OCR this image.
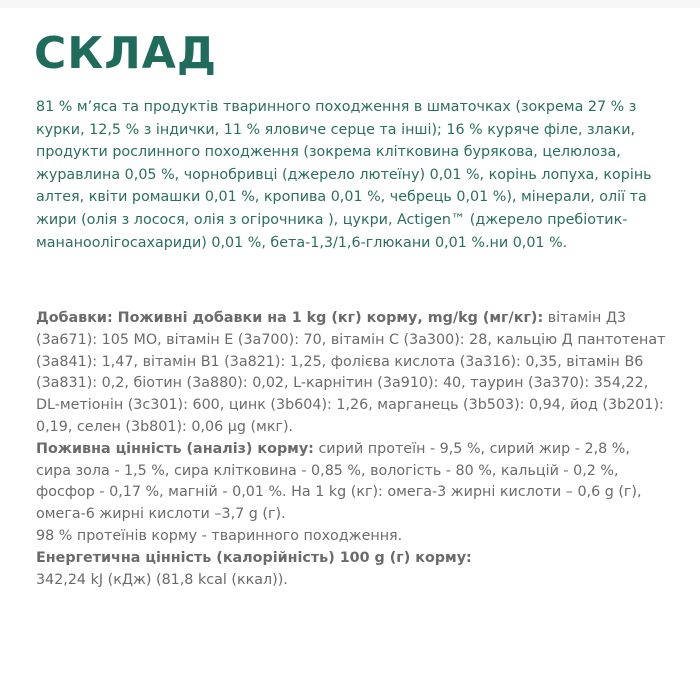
СКЛАД

81 % м’яса та продуктів тваринного походження в шматочках (зокрема 27 % з курки, 12,5 % з індички, 11 % яловиче серце та інші); 16 % куряче філе, злаки, продукти рослинного походження (зокрема клітковина бурякова, целюлоза, журавлина 0,05 %, чорнобривці (джерело лютеїну) 0,01 %, корінь лопуха, корінь алтея, квіти ромашки 0,01 %, кропива 0,01 %, чебрець 0,01 %), мінерали, олії та жири (олія з лосося, олія з огірочника ), цукри, Actigen™ (джерело пребіотик- мананоолігосахариди) 0,01 %, бета-1,3/1,6-глюкани 0,01 %.ни 0,01 %.

Добавки: Поживні добавки на 1 kg (кг) корму, mg/kg (мг/кг): вітамін Д3 (3а671): 105 МО, вітамін Е (3а700): 70, вітамін С (3а300): 28, кальцію Д пантотенат (3а841): 1,47, вітамін В1 (3а821): 1,25, фолієва кислота (3а316): 0,35, вітамін В6 (3а831): 0,2, біотин (3а880): 0,02, L-карнітин (3а910): 40, таурин (3а370): 354,22, DL-метіонін (3с301): 600, цинк (3b604): 1,26, марганець (3b503): 0,94, йод (3b201): 0,19, селен (3b801): 0,06 µg (мкг).

Поживна цінність (аналіз) корму: сирий протеїн - 9,5 %, сирий жир - 2,8 %, сира зола - 1,5 %, сира клітковина - 0,85 %, вологість - 80 %, кальцій - 0,2 %, фосфор - 0,17 %, магній - 0,01 %. На 1 kg (кг): омега-3 жирні кислоти – 0,6 g (г), омега-6 жирні кислоти –3,7 g (г).

98 % протеїнів корму - тваринного походження.

Енергетична цінність (калорійність) 100 g (г) корму:

342,24 kJ (кДж) (81,8 kcal (ккал)).
